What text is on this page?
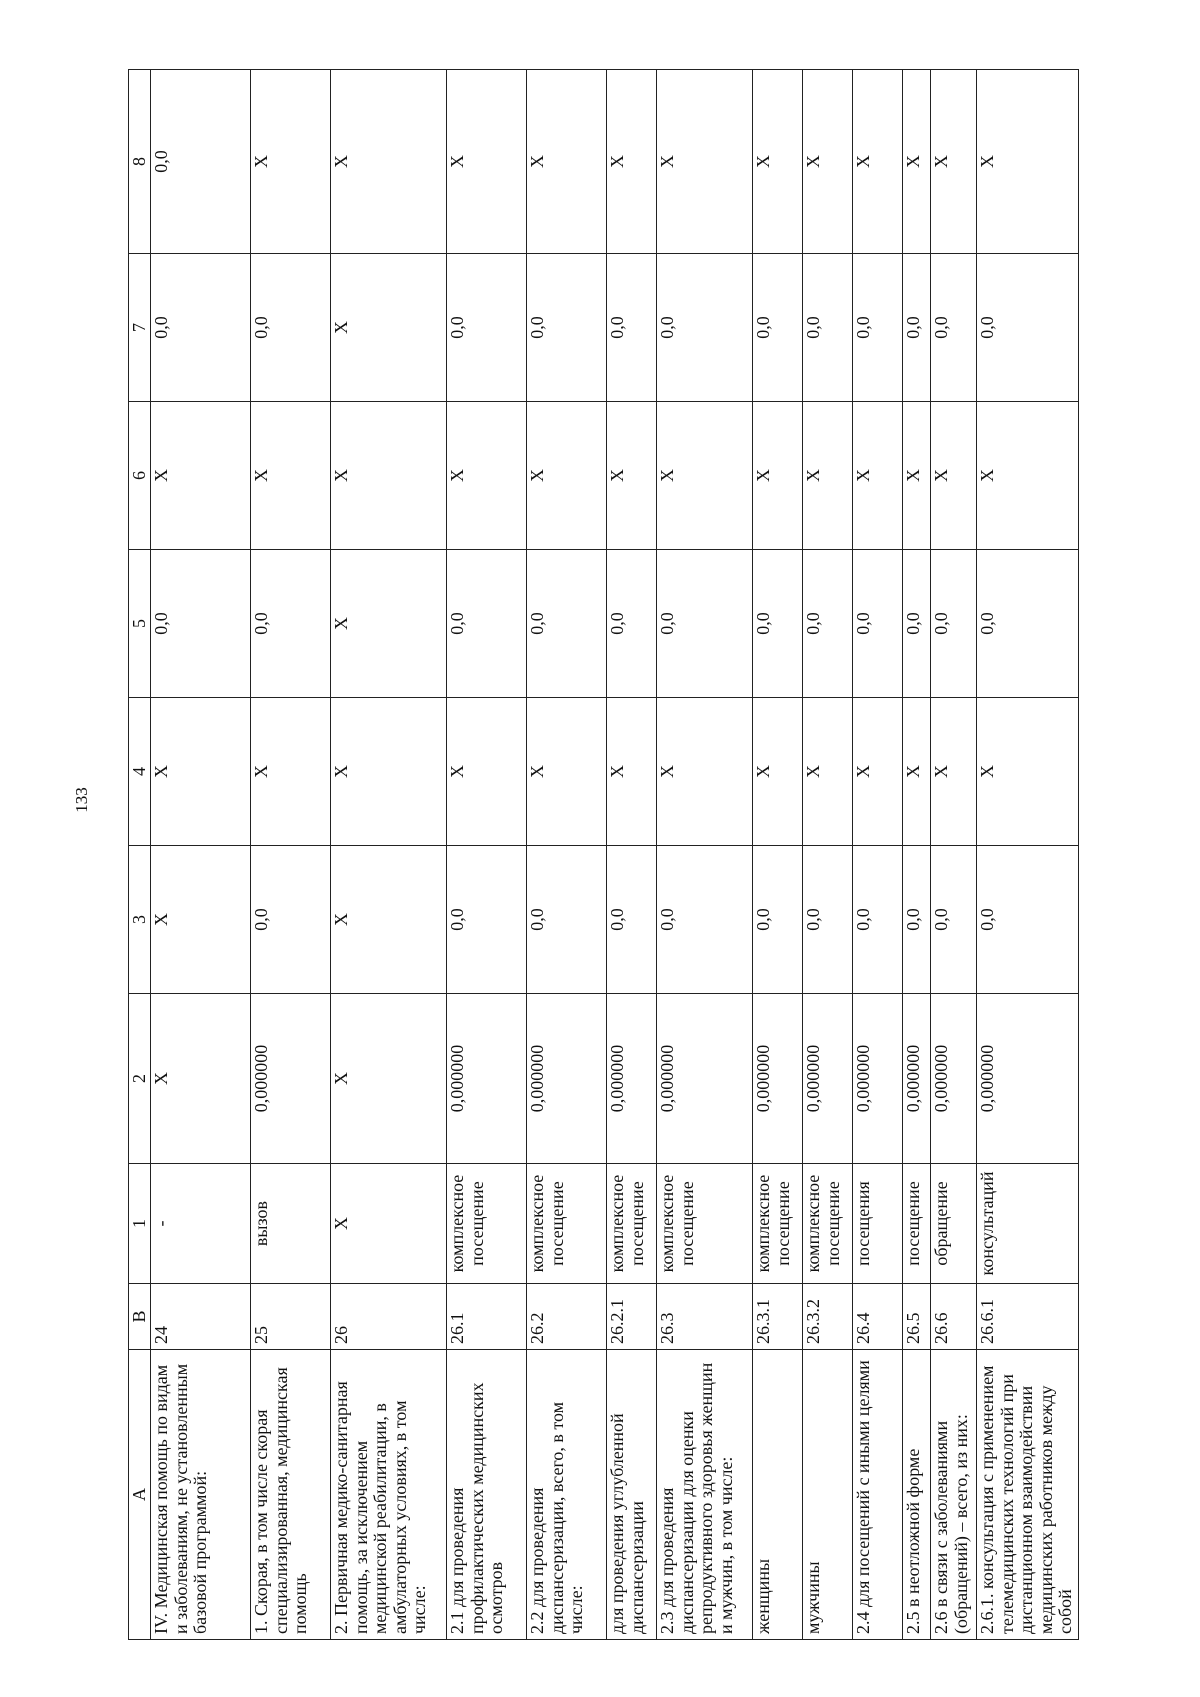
133
A	B	1	2	3	4	5	6	7	8
IV. Медицинская помощь по видам и заболеваниям, не установленным базовой программой:	24	-	X	X	X	0,0	X	0,0	0,0
1. Скорая, в том числе скорая специализированная, медицинская помощь	25	вызов	0,000000	0,0	X	0,0	X	0,0	X
2. Первичная медико-санитарная помощь, за исключением медицинской реабилитации, в амбулаторных условиях, в том числе:	26	X	X	X	X	X	X	X	X
2.1 для проведения профилактических медицинских осмотров	26.1	комплексное посещение	0,000000	0,0	X	0,0	X	0,0	X
2.2 для проведения диспансеризации, всего, в том числе:	26.2	комплексное посещение	0,000000	0,0	X	0,0	X	0,0	X
для проведения углубленной диспансеризации	26.2.1	комплексное посещение	0,000000	0,0	X	0,0	X	0,0	X
2.3 для проведения диспансеризации для оценки репродуктивного здоровья женщин и мужчин, в том числе:	26.3	комплексное посещение	0,000000	0,0	X	0,0	X	0,0	X
женщины	26.3.1	комплексное посещение	0,000000	0,0	X	0,0	X	0,0	X
мужчины	26.3.2	комплексное посещение	0,000000	0,0	X	0,0	X	0,0	X
2.4 для посещений с иными целями	26.4	посещения	0,000000	0,0	X	0,0	X	0,0	X
2.5 в неотложной форме	26.5	посещение	0,000000	0,0	X	0,0	X	0,0	X
2.6 в связи с заболеваниями (обращений) – всего, из них:	26.6	обращение	0,000000	0,0	X	0,0	X	0,0	X
2.6.1. консультация с применением телемедицинских технологий при дистанционном взаимодействии медицинских работников между собой	26.6.1	консультаций	0,000000	0,0	X	0,0	X	0,0	X
